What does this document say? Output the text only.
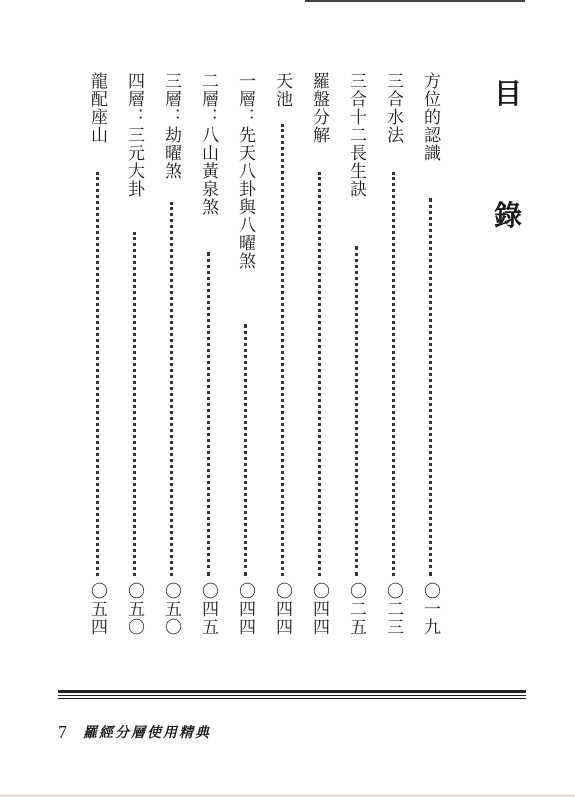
目
錄
方位的認識
〇一九
三合水法
〇二三
三合十二長生訣
〇二五
羅盤分解
〇四四
天池
〇四四
一層：先天八卦與八曜煞
〇四四
二層：八山黃泉煞
〇四五
三層：劫曜煞
〇五〇
四層：三元大卦
〇五〇
龍配座山
〇五四
7 羅經分層使用精典
